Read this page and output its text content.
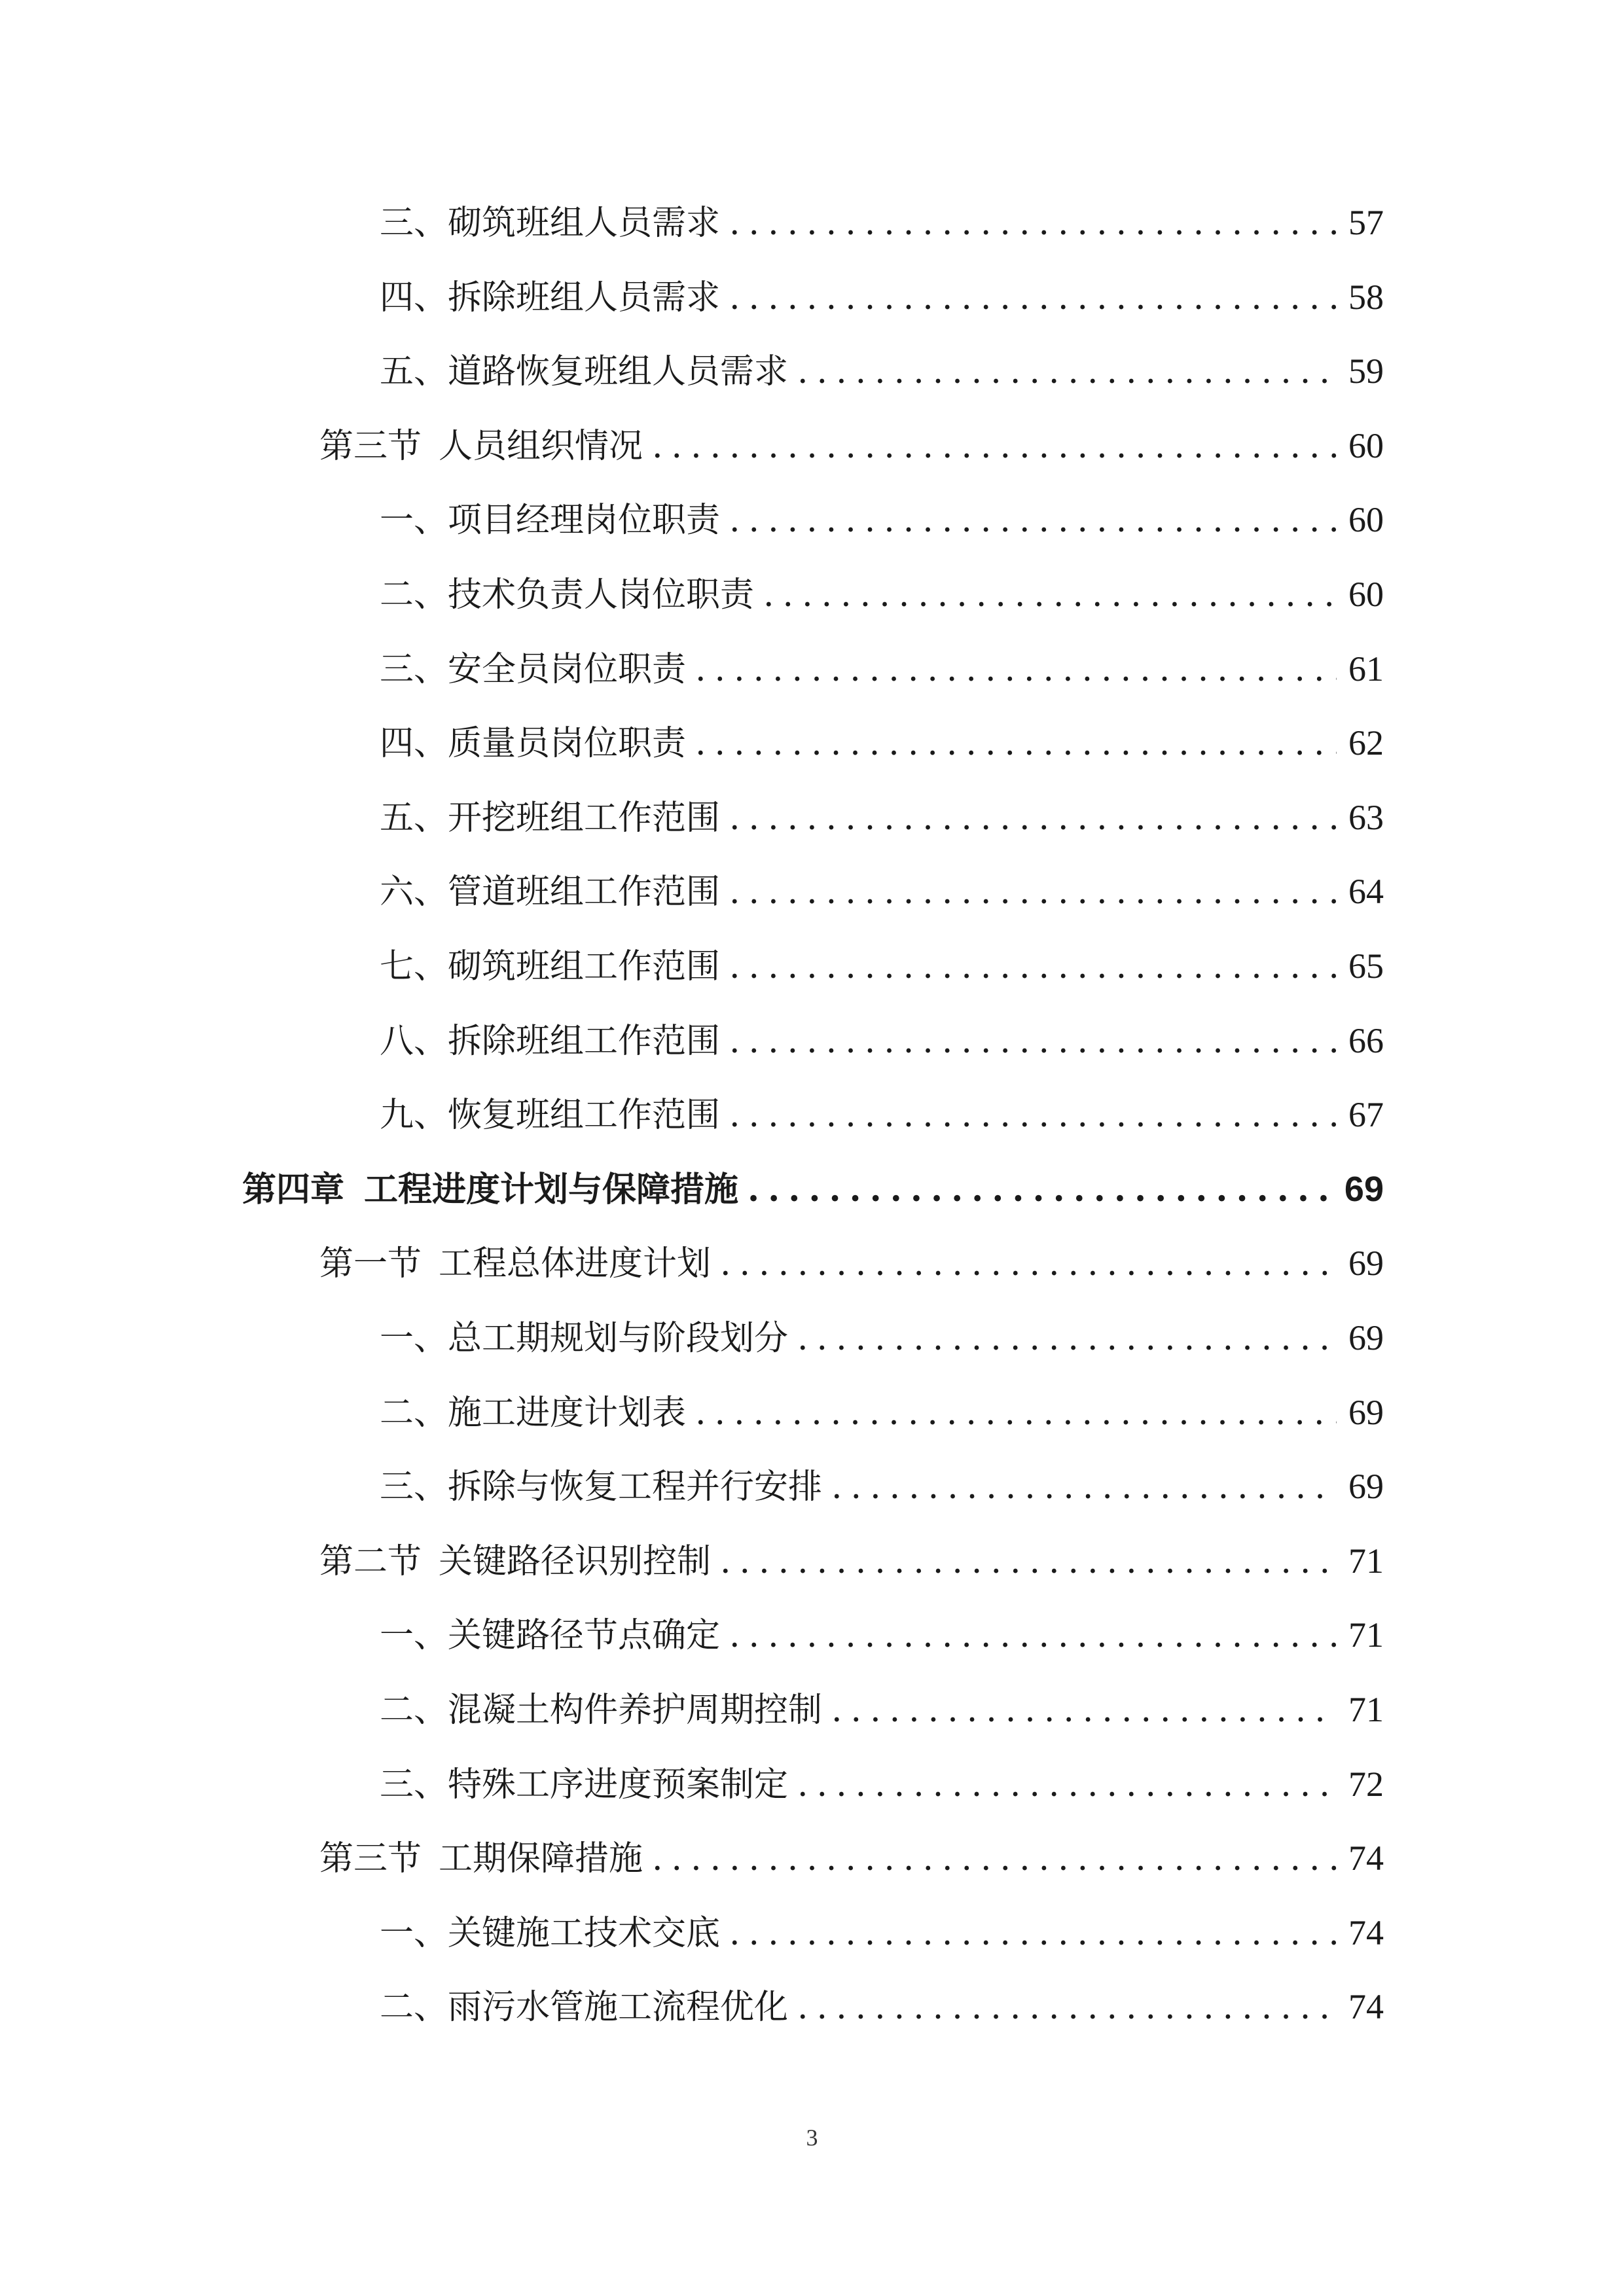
三、砌筑班组人员需求 .....	57
四、拆除班组人员需求 .....	58
五、道路恢复班组人员需求 .....	59
第三节 人员组织情况 .....	60
一、项目经理岗位职责 .....	60
二、技术负责人岗位职责 .....	60
三、安全员岗位职责 .....	61
四、质量员岗位职责 .....	62
五、开挖班组工作范围 .....	63
六、管道班组工作范围 .....	64
七、砌筑班组工作范围 .....	65
八、拆除班组工作范围 .....	66
九、恢复班组工作范围 .....	67
第四章 工程进度计划与保障措施 .....	69
第一节 工程总体进度计划 .....	69
一、总工期规划与阶段划分 .....	69
二、施工进度计划表 .....	69
三、拆除与恢复工程并行安排 .....	69
第二节 关键路径识别控制 .....	71
一、关键路径节点确定 .....	71
二、混凝土构件养护周期控制 .....	71
三、特殊工序进度预案制定 .....	72
第三节 工期保障措施 .....	74
一、关键施工技术交底 .....	74
二、雨污水管施工流程优化 .....	74
3
